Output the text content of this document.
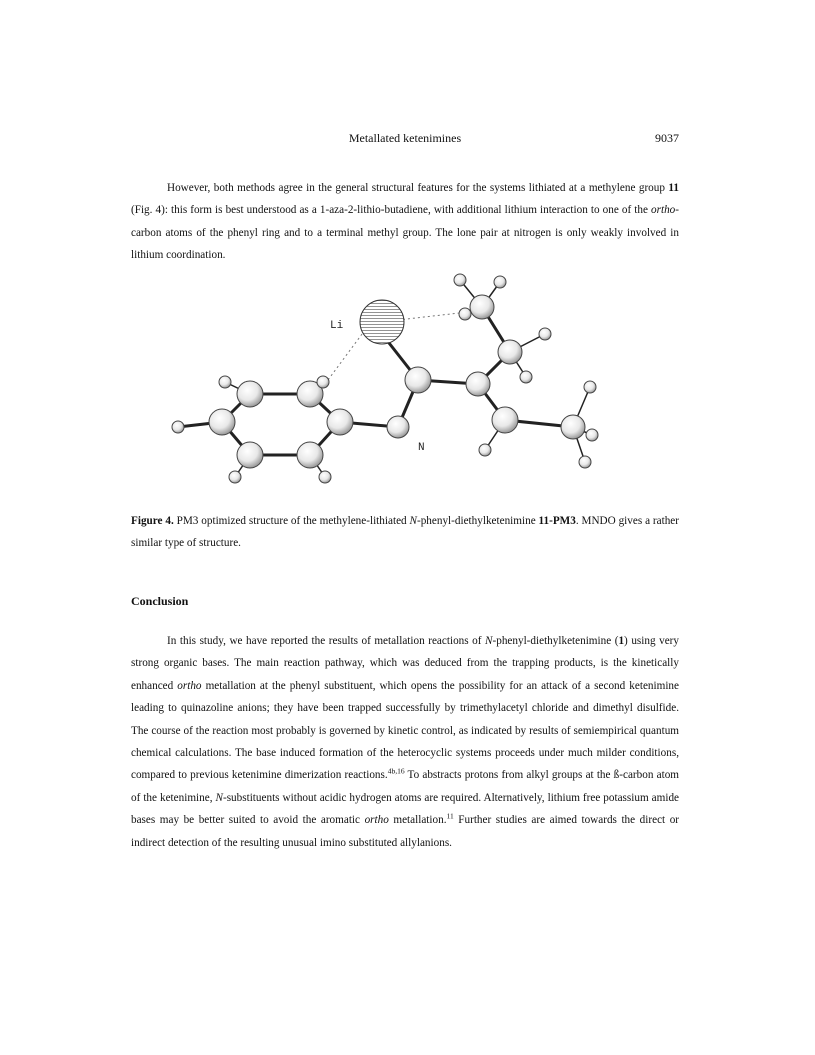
Metallated ketenimines	9037

However, both methods agree in the general structural features for the systems lithiated at a methylene group 11 (Fig. 4): this form is best understood as a 1-aza-2-lithio-butadiene, with additional lithium interaction to one of the ortho-carbon atoms of the phenyl ring and to a terminal methyl group. The lone pair at nitrogen is only weakly involved in lithium coordination.

Li
N

Figure 4. PM3 optimized structure of the methylene-lithiated N-phenyl-diethylketenimine 11-PM3. MNDO gives a rather similar type of structure.

Conclusion

In this study, we have reported the results of metallation reactions of N-phenyl-diethylketenimine (1) using very strong organic bases. The main reaction pathway, which was deduced from the trapping products, is the kinetically enhanced ortho metallation at the phenyl substituent, which opens the possibility for an attack of a second ketenimine leading to quinazoline anions; they have been trapped successfully by trimethylacetyl chloride and dimethyl disulfide. The course of the reaction most probably is governed by kinetic control, as indicated by results of semiempirical quantum chemical calculations. The base induced formation of the heterocyclic systems proceeds under much milder conditions, compared to previous ketenimine dimerization reactions.$^{4b,16}$ To abstracts protons from alkyl groups at the ß-carbon atom of the ketenimine, N-substituents without acidic hydrogen atoms are required. Alternatively, lithium free potassium amide bases may be better suited to avoid the aromatic ortho metallation.$^{11}$ Further studies are aimed towards the direct or indirect detection of the resulting unusual imino substituted allylanions.
